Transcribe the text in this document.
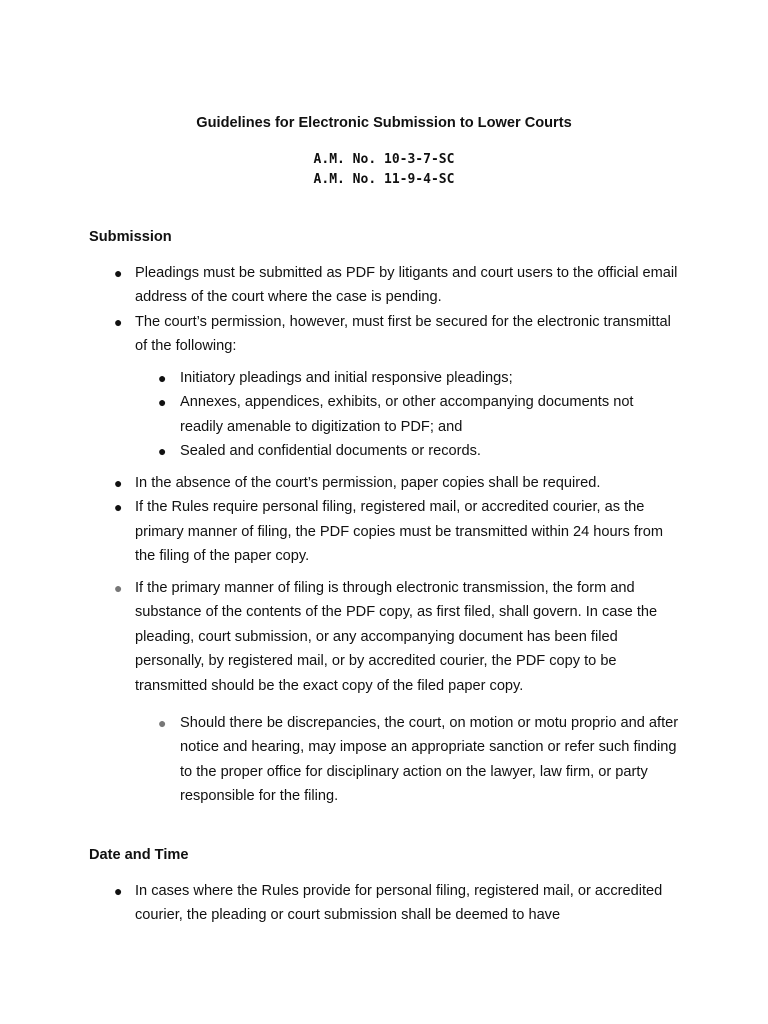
Guidelines for Electronic Submission to Lower Courts
A.M. No. 10-3-7-SC
A.M. No. 11-9-4-SC
Submission
● Pleadings must be submitted as PDF by litigants and court users to the official email address of the court where the case is pending.
● The court’s permission, however, must first be secured for the electronic transmittal of the following:
● Initiatory pleadings and initial responsive pleadings;
● Annexes, appendices, exhibits, or other accompanying documents not readily amenable to digitization to PDF; and
● Sealed and confidential documents or records.
● In the absence of the court’s permission, paper copies shall be required.
● If the Rules require personal filing, registered mail, or accredited courier, as the primary manner of filing, the PDF copies must be transmitted within 24 hours from the filing of the paper copy.
● If the primary manner of filing is through electronic transmission, the form and substance of the contents of the PDF copy, as first filed, shall govern. In case the pleading, court submission, or any accompanying document has been filed personally, by registered mail, or by accredited courier, the PDF copy to be transmitted should be the exact copy of the filed paper copy.
● Should there be discrepancies, the court, on motion or motu proprio and after notice and hearing, may impose an appropriate sanction or refer such finding to the proper office for disciplinary action on the lawyer, law firm, or party responsible for the filing.
Date and Time
● In cases where the Rules provide for personal filing, registered mail, or accredited courier, the pleading or court submission shall be deemed to have
